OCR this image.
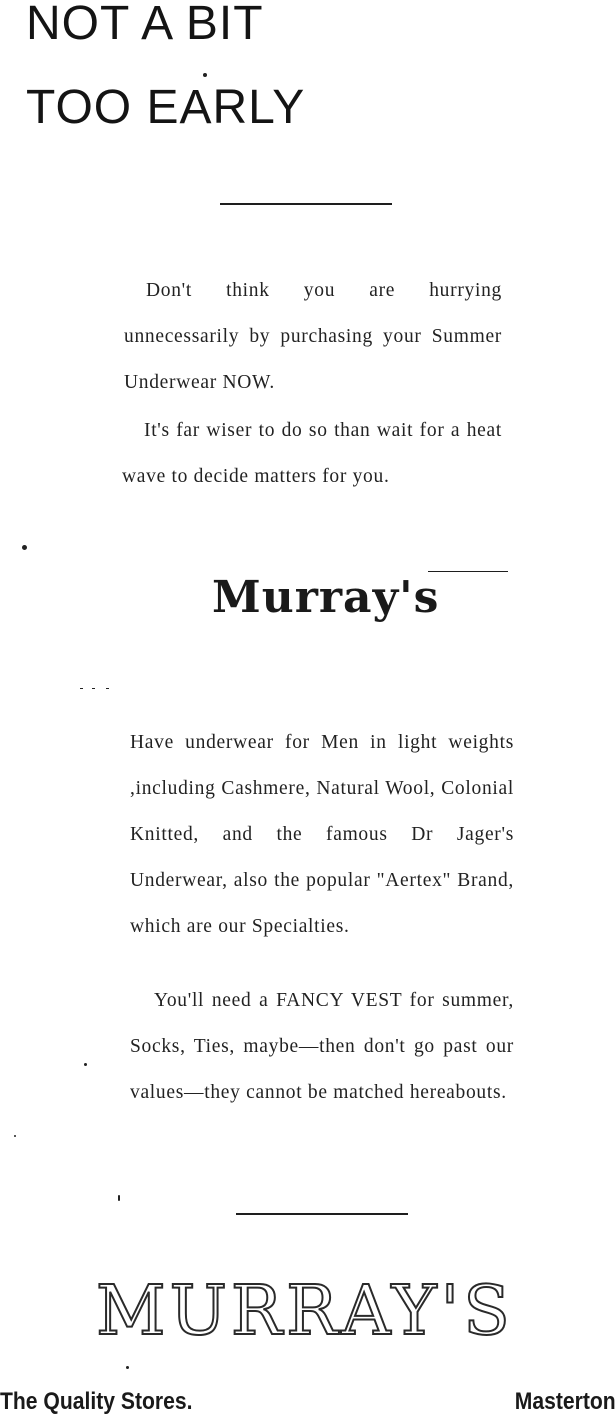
NOT A BIT
TOO EARLY

Don't think you are hurrying unnecessarily by purchasing your Summer Underwear NOW.

It's far wiser to do so than wait for a heat wave to decide matters for you.

Murray's

Have underwear for Men in light weights ,including Cashmere, Natural Wool, Colonial Knitted, and the famous Dr Jager's Underwear, also the popular "Aertex" Brand, which are our Specialties.

You'll need a FANCY VEST for summer, Socks, Ties, maybe—then don't go past our values—they cannot be matched hereabouts.

MURRAY'S
The Quality Stores.	Masterton
